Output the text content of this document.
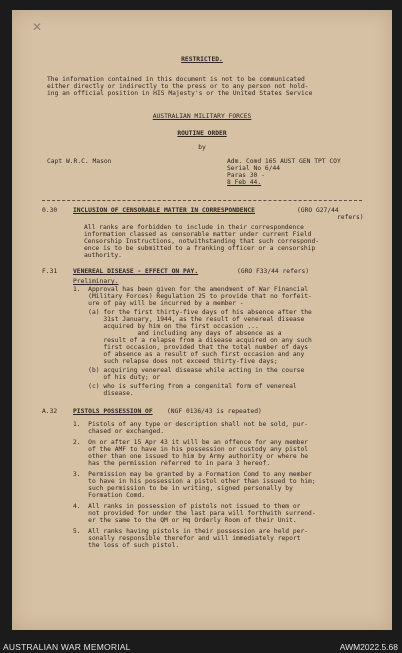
✕
RESTRICTED.
The information contained in this document is not to be communicated
either directly or indirectly to the press or to any person not hold-
ing an official position in HIS Majesty's or the United States Service
AUSTRALIAN MILITARY FORCES
ROUTINE ORDER
by
Capt W.R.C. Mason	Adm. Comd 165 AUST GEN TPT COY
Serial No 6/44
Paras 30 -
8 Feb 44.
0.30	INCLUSION OF CENSORABLE MATTER IN CORRESPONDENCE	(GRO G27/44
refers)
All ranks are forbidden to include in their correspondence
information classed as censorable matter under current Field
Censorship Instructions, notwithstanding that such correspond-
ence is to be submitted to a franking officer or a censorship
authority.
F.31	VENEREAL DISEASE - EFFECT ON PAY.	(GRO F33/44 refers)
Preliminary.
1.  Approval has been given for the amendment of War Financial
(Military Forces) Regulation 25 to provide that no forfeit-
ure of pay will be incurred by a member -
(a) for the first thirty-five days of his absence after the
31st January, 1944, as the result of venereal disease
acquired by him on the first occasion ...
and including any days of absence as a
result of a relapse from a disease acquired on any such
first occasion, provided that the total number of days
of absence as a result of such first occasion and any
such relapse does not exceed thirty-five days;
(b) acquiring venereal disease while acting in the course
of his duty; or
(c) who is suffering from a congenital form of venereal
disease.
A.32	PISTOLS POSSESSION OF (NGF 0136/43 is repeated)
1.  Pistols of any type or description shall not be sold, pur-
chased or exchanged.
2.  On or after 15 Apr 43 it will be an offence for any member
of the AMF to have in his possession or custody any pistol
other than one issued to him by Army authority or where he
has the permission referred to in para 3 hereof.
3.  Permission may be granted by a Formation Comd to any member
to have in his possession a pistol other than issued to him;
such permission to be in writing, signed personally by
Formation Comd.
4.  All ranks in possession of pistols not issued to them or
not provided for under the last para will forthwith surrend-
er the same to the QM or Hq Orderly Room of their Unit.
5.  All ranks having pistols in their possession are held per-
sonally responsible therefor and will immediately report
the loss of such pistol.
AUSTRALIAN WAR MEMORIAL	AWM2022.5.68
